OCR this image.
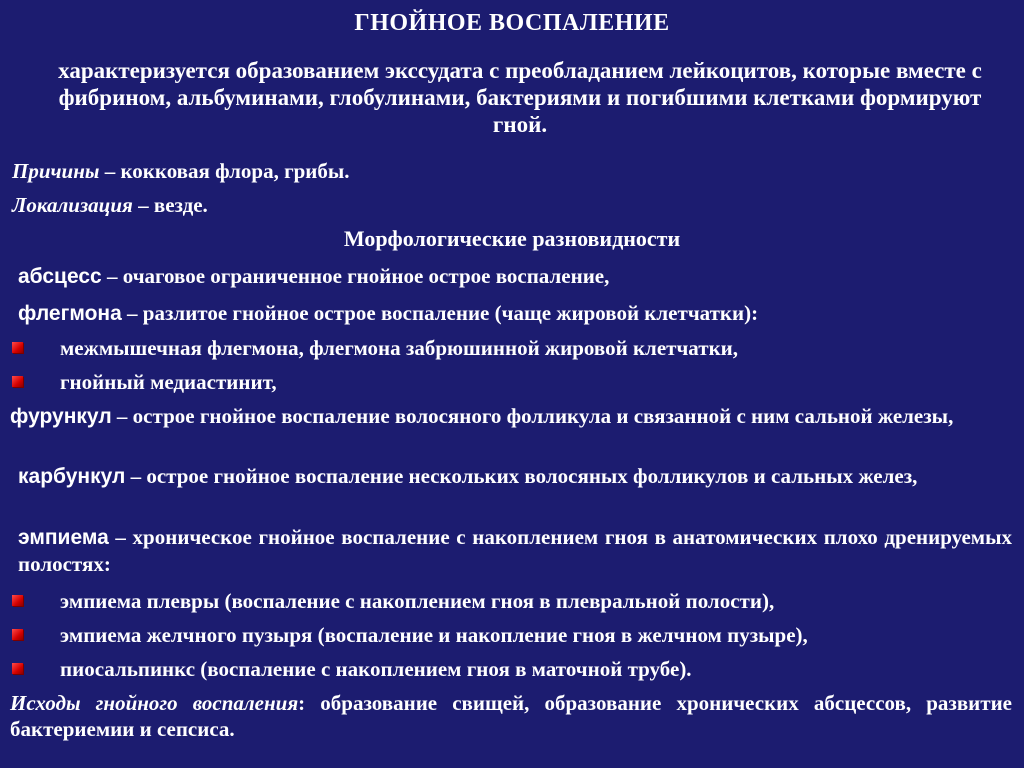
ГНОЙНОЕ ВОСПАЛЕНИЕ
характеризуется образованием экссудата с преобладанием лейкоцитов, которые вместе с фибрином, альбуминами, глобулинами, бактериями и погибшими клетками формируют гной.
Причины – кокковая флора, грибы.
Локализация – везде.
Морфологические разновидности
абсцесс – очаговое ограниченное гнойное острое воспаление,
флегмона – разлитое гнойное острое воспаление (чаще жировой клетчатки):
межмышечная флегмона, флегмона забрюшинной жировой клетчатки,
гнойный медиастинит,
фурункул – острое гнойное воспаление волосяного фолликула и связанной с ним сальной железы,
карбункул – острое гнойное воспаление нескольких волосяных фолликулов и сальных желез,
эмпиема – хроническое гнойное воспаление с накоплением гноя в анатомических плохо дренируемых полостях:
эмпиема плевры (воспаление с накоплением гноя в плевральной полости),
эмпиема желчного пузыря (воспаление и накопление гноя в желчном пузыре),
пиосальпинкс (воспаление с накоплением гноя в маточной трубе).
Исходы гнойного воспаления: образование свищей, образование хронических абсцессов, развитие бактериемии и сепсиса.
